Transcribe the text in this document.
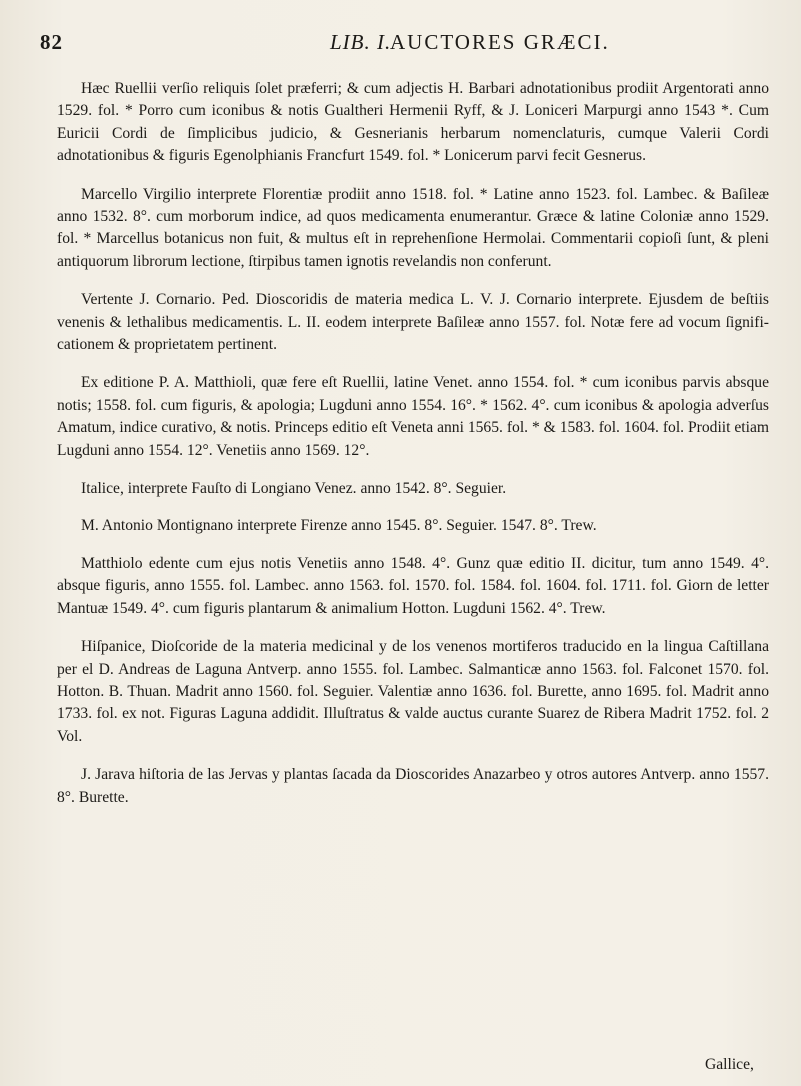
82	LIB. I.
AUCTORES GRÆCI.

Hæc Ruellii verſio reliquis ſolet præferri; & cum adjectis H. Barbari adnotationibus prodiit Argentorati anno 1529. fol. * Porro cum iconibus & notis Gualtheri Hermenii Ryff, & J. Loniceri Marpurgi anno 1543 *. Cum Euricii Cordi de ſimplicibus judicio, & Gesnerianis herbarum nomenclaturis, cumque Valerii Cordi adnotationibus & figuris Egenolphianis Francfurt 1549. fol. * Lonicerum parvi fecit Gesnerus.

Marcello Virgilio interprete Florentiæ prodiit anno 1518. fol. * Latine anno 1523. fol. Lambec. & Baſileæ anno 1532. 8°. cum morborum indice, ad quos medicamenta enumerantur. Græce & latine Coloniæ anno 1529. fol. * Marcellus botanicus non fuit, & multus eſt in reprehenſione Hermolai. Commentarii copioſi ſunt, & pleni antiquorum librorum lectione, ſtirpibus tamen ignotis revelandis non conferunt.

Vertente J. Cornario. Ped. Dioscoridis de materia medica L. V. J. Cornario interprete. Ejusdem de beſtiis venenis & lethalibus medicamentis. L. II. eodem interprete Baſileæ anno 1557. fol. Notæ fere ad vocum ſignificationem & proprietatem pertinent.

Ex editione P. A. Matthioli, quæ fere eſt Ruellii, latine Venet. anno 1554. fol. * cum iconibus parvis absque notis; 1558. fol. cum figuris, & apologia; Lugduni anno 1554. 16°. * 1562. 4°. cum iconibus & apologia adverſus Amatum, indice curativo, & notis. Princeps editio eſt Veneta anni 1565. fol. * & 1583. fol. 1604. fol. Prodiit etiam Lugduni anno 1554. 12°. Venetiis anno 1569. 12°.

Italice, interprete Fauſto di Longiano Venez. anno 1542. 8°. Seguier.

M. Antonio Montignano interprete Firenze anno 1545. 8°. Seguier. 1547. 8°. Trew.

Matthiolo edente cum ejus notis Venetiis anno 1548. 4°. Gunz quæ editio II. dicitur, tum anno 1549. 4°. absque figuris, anno 1555. fol. Lambec. anno 1563. fol. 1570. fol. 1584. fol. 1604. fol. 1711. fol. Giorn de letter Mantuæ 1549. 4°. cum figuris plantarum & animalium Hotton. Lugduni 1562. 4°. Trew.

Hiſpanice, Dioſcoride de la materia medicinal y de los venenos mortiferos traducido en la lingua Caſtillana per el D. Andreas de Laguna Antverp. anno 1555. fol. Lambec. Salmanticæ anno 1563. fol. Falconet 1570. fol. Hotton. B. Thuan. Madrit anno 1560. fol. Seguier. Valentiæ anno 1636. fol. Burette, anno 1695. fol. Madrit anno 1733. fol. ex not. Figuras Laguna addidit. Illuſtratus & valde auctus curante Suarez de Ribera Madrit 1752. fol. 2 Vol.

J. Jarava hiſtoria de las Jervas y plantas ſacada da Dioscorides Anazarbeo y otros autores Antverp. anno 1557. 8°. Burette.

Gallice,
